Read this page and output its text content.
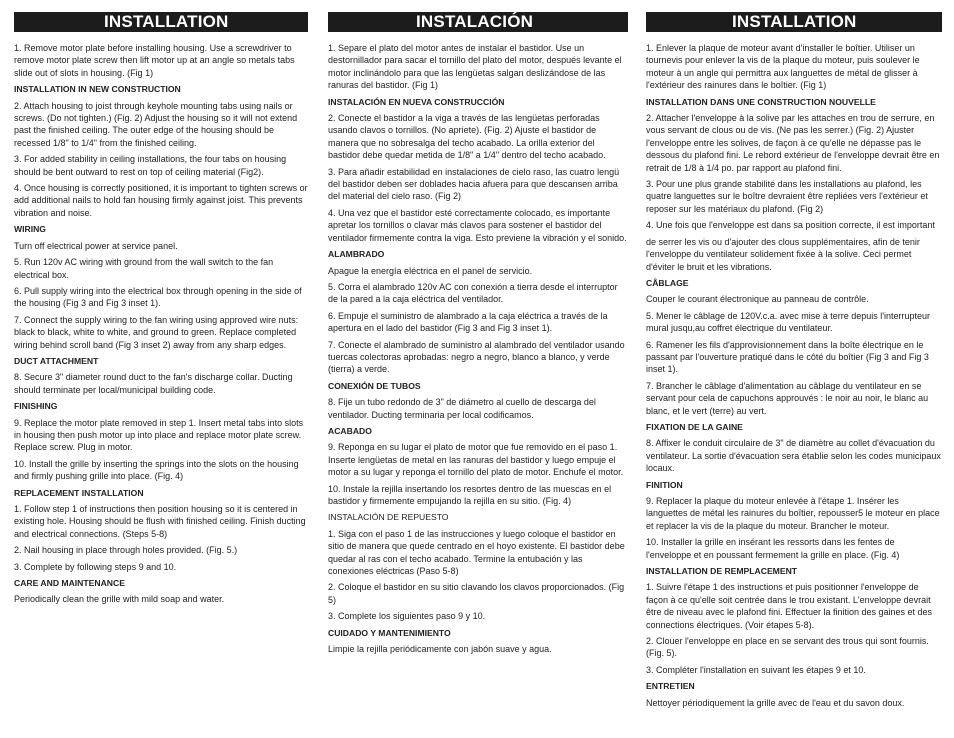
INSTALLATION

1. Remove motor plate before installing housing. Use a screwdriver to remove motor plate screw then lift motor up at an angle so metals tabs slide out of slots in housing. (Fig 1)

INSTALLATION IN NEW CONSTRUCTION

2. Attach housing to joist through keyhole mounting tabs using nails or screws. (Do not tighten.) (Fig. 2) Adjust the housing so it will not extend past the finished ceiling. The outer edge of the housing should be recessed 1/8" to 1/4" from the finished ceiling.

3. For added stability in ceiling installations, the four tabs on housing should be bent outward to rest on top of ceiling material (Fig2).

4. Once housing is correctly positioned, it is important to tighten screws or add additional nails to hold fan housing firmly against joist. This prevents vibration and noise.

WIRING

Turn off electrical power at service panel.

5. Run 120v AC wiring with ground from the wall switch to the fan electrical box.

6. Pull supply wiring into the electrical box through opening in the side of the housing (Fig 3 and Fig 3 inset 1).

7. Connect the supply wiring to the fan wiring using approved wire nuts: black to black, white to white, and ground to green. Replace completed wiring behind scroll band (Fig 3 inset 2) away from any sharp edges.

DUCT ATTACHMENT

8. Secure 3" diameter round duct to the fan's discharge collar. Ducting should terminate per local/municipal building code.

FINISHING

9. Replace the motor plate removed in step 1. Insert metal tabs into slots in housing then push motor up into place and replace motor plate screw. Replace screw. Plug in motor.

10. Install the grille by inserting the springs into the slots on the housing and firmly pushing grille into place. (Fig. 4)

REPLACEMENT INSTALLATION

1. Follow step 1 of instructions then position housing so it is centered in existing hole. Housing should be flush with finished ceiling. Finish ducting and electrical connections. (Steps 5-8)

2. Nail housing in place through holes provided. (Fig. 5.)

3. Complete by following steps 9 and 10.

CARE AND MAINTENANCE

Periodically clean the grille with mild soap and water.

INSTALACIÓN

1. Separe el plato del motor antes de instalar el bastidor. Use un destornillador para sacar el tornillo del plato del motor, después levante el motor inclinándolo para que las lengüetas salgan deslizándose de las ranuras del bastidor. (Fig 1)

INSTALACIÓN EN NUEVA CONSTRUCCIÓN

2. Conecte el bastidor a la viga a través de las lengüetas perforadas usando clavos o tornillos. (No apriete). (Fig. 2) Ajuste el bastidor de manera que no sobresalga del techo acabado. La orilla exterior del bastidor debe quedar metida de 1/8" a 1/4" dentro del techo acabado.

3. Para añadir estabilidad en instalaciones de cielo raso, las cuatro lengü del bastidor deben ser doblades hacia afuera para que descansen arriba del material del cielo raso. (Fig 2)

4. Una vez que el bastidor esté correctamente colocado, es importante apretar los tornillos o clavar más clavos para sostener el bastidor del ventilador firmemente contra la viga. Esto previene la vibración y el sonido.

ALAMBRADO

Apague la energía eléctrica en el panel de servicio.

5. Corra el alambrado 120v AC con conexión a tierra desde el interruptor de la pared a la caja eléctrica del ventilador.

6. Empuje el suministro de alambrado a la caja eléctrica a través de la apertura en el lado del bastidor (Fig 3 and Fig 3 inset 1).

7. Conecte el alambrado de suministro al alambrado del ventilador usando tuercas colectoras aprobadas: negro a negro, blanco a blanco, y verde (tierra) a verde.

CONEXIÓN DE TUBOS

8. Fije un tubo redondo de 3" de diámetro al cuello de descarga del ventilador. Ducting terminaria per local codificamos.

ACABADO

9. Reponga en su lugar el plato de motor que fue removido en el paso 1. Inserte lengüetas de metal en las ranuras del bastidor y luego empuje el motor a su lugar y reponga el tornillo del plato de motor. Enchufe el motor.

10. Instale la rejilla insertando los resortes dentro de las muescas en el bastidor y firmemente empujando la rejilla en su sitio. (Fig. 4)

INSTALACIÓN DE REPUESTO

1. Siga con el paso 1 de las instrucciones y luego coloque el bastidor en sitio de manera que quede centrado en el hoyo existente. El bastidor debe quedar al ras con el techo acabado. Termine la entubación y las conexiones eléctricas (Paso 5-8)

2. Coloque el bastidor en su sitio clavando los clavos proporcionados. (Fig 5)

3. Complete los siguientes paso 9 y 10.

CUIDADO Y MANTENIMIENTO

Limpie la rejilla periódicamente con jabón suave y agua.

INSTALLATION

1. Enlever la plaque de moteur avant d'installer le boîtier. Utiliser un tournevis pour enlever la vis de la plaque du moteur, puis soulever le moteur à un angle qui permittra aux languettes de métal de glisser à l'extérieur des rainures dans le boîtier. (Fig 1)

INSTALLATION DANS UNE CONSTRUCTION NOUVELLE

2. Attacher l'enveloppe à la solive par les attaches en trou de serrure, en vous servant de clous ou de vis. (Ne pas les serrer.) (Fig. 2) Ajuster l'enveloppe entre les solives, de façon à ce qu'elle ne dépasse pas le dessous du plafond fini. Le rebord extérieur de l'enveloppe devrait être en retrait de 1/8 à 1/4 po. par rapport au plafond fini.

3. Pour une plus grande stabilité dans les installations au plafond, les quatre languettes sur le boître devraient être repliées vers l'extérieur et reposer sur les matériaux du plafond. (Fig 2)

4. Une fois que l'enveloppe est dans sa position correcte, il est important

de serrer les vis ou d'ajouter des clous supplémentaires, afin de tenir l'enveloppe du ventilateur solidement fixée à la solive. Ceci permet d'éviter le bruit et les vibrations.

CÂBLAGE

Couper le courant électronique au panneau de contrôle.

5. Mener le câblage de 120V.c.a. avec mise à terre depuis l'interrupteur mural jusqu,au coffret électrique du ventilateur.

6. Ramener les fils d'approvisionnement dans la boîte électrique en le passant par l'ouverture pratiqué dans le côté du boîtier (Fig 3 and Fig 3 inset 1).

7. Brancher le câblage d'alimentation au câblage du ventilateur en se servant pour cela de capuchons approuvés : le noir au noir, le blanc au blanc, et le vert (terre) au vert.

FIXATION DE LA GAINE

8. Affixer le conduit circulaire de 3" de diamètre au collet d'évacuation du ventilateur. La sortie d'évacuation sera établie selon les codes municipaux locaux.

FINITION

9. Replacer la plaque du moteur enlevée à l'étape 1. Insérer les languettes de métal les rainures du boîtier, repousser5 le moteur en place et replacer la vis de la plaque du moteur. Brancher le moteur.

10. Installer la grille en insérant les ressorts dans les fentes de l'enveloppe et en poussant fermement la grille en place. (Fig. 4)

INSTALLATION DE REMPLACEMENT

1. Suivre l'étape 1 des instructions et puis positionner l'enveloppe de façon à ce qu'elle soit centrée dans le trou existant. L'enveloppe devrait être de niveau avec le plafond fini. Effectuer la finition des gaines et des connections électriques. (Voir étapes 5-8).

2. Clouer l'enveloppe en place en se servant des trous qui sont fournis. (Fig. 5).

3. Compléter l'installation en suivant les étapes 9 et 10.

ENTRETIEN

Nettoyer périodiquement la grille avec de l'eau et du savon doux.
